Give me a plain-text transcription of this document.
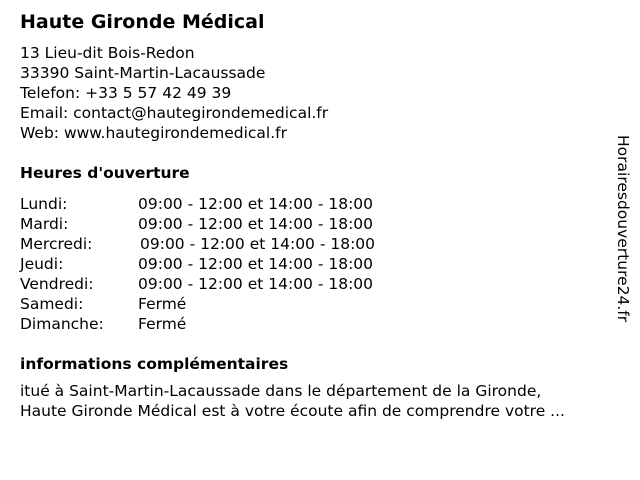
Haute Gironde Médical
13 Lieu-dit Bois-Redon
33390 Saint-Martin-Lacaussade
Telefon: +33 5 57 42 49 39
Email: contact@hautegirondemedical.fr
Web: www.hautegirondemedical.fr
Heures d'ouverture
Lundi:	09:00 - 12:00 et 14:00 - 18:00
Mardi:	09:00 - 12:00 et 14:00 - 18:00
Mercredi:	09:00 - 12:00 et 14:00 - 18:00
Jeudi:	09:00 - 12:00 et 14:00 - 18:00
Vendredi:	09:00 - 12:00 et 14:00 - 18:00
Samedi:	Fermé
Dimanche: Fermé
informations complémentaires
itué à Saint-Martin-Lacaussade dans le département de la Gironde,
Haute Gironde Médical est à votre écoute afin de comprendre votre ...
Horairesdouverture24.fr
